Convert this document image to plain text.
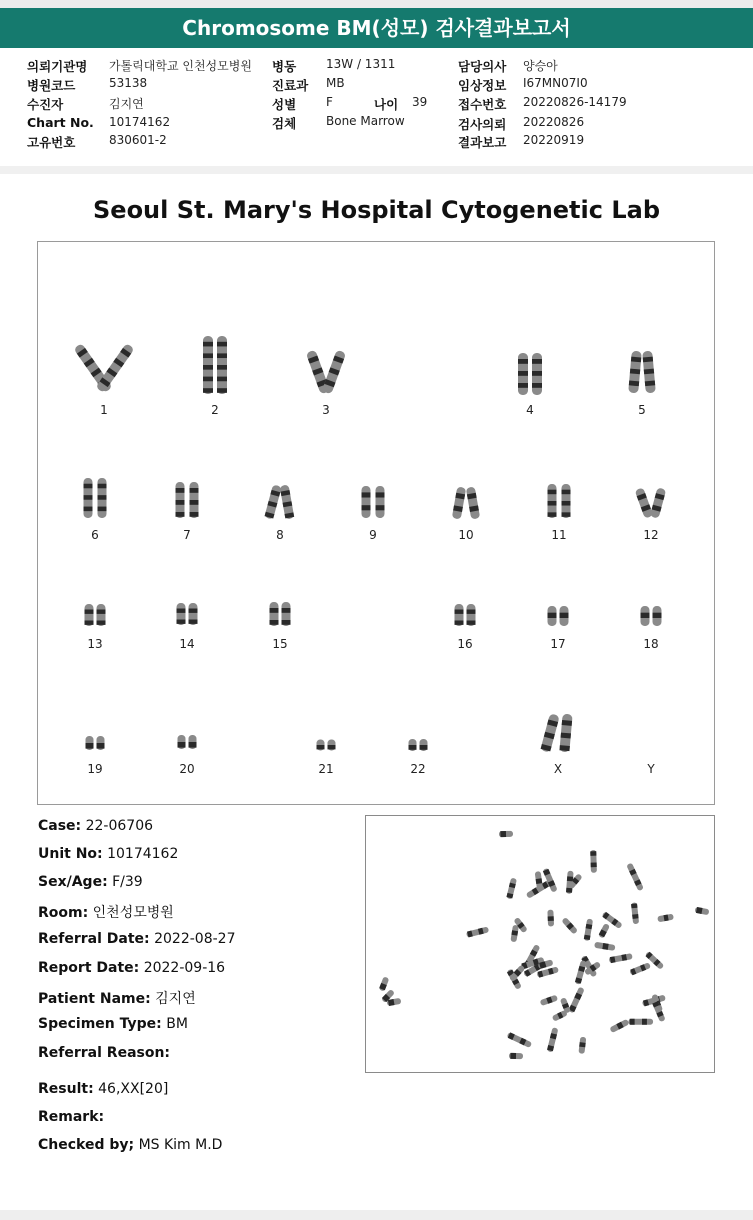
Chromosome BM(성모) 검사결과보고서
의뢰기관명 가톨릭대학교 인천성모병원
병원코드	53138
수진자	김지연
Chart No. 10174162
고유번호	830601-2
병동 13W / 1311
진료과 MB
성별 F	나이 39
검체 Bone Marrow
담당의사 양승아
임상정보 I67MN07I0
접수번호 20220826-14179
검사의뢰 20220826
결과보고 20220919
Seoul St. Mary's Hospital Cytogenetic Lab
1	2	3	4	5
6	7	8	9	10	11	12
13	14	15	16	17	18
19	20	21	22	X	Y
Case: 22-06706
Unit No: 10174162
Sex/Age: F/39
Room: 인천성모병원
Referral Date: 2022-08-27
Report Date: 2022-09-16
Patient Name: 김지연
Specimen Type: BM
Referral Reason:
Result: 46,XX[20]
Remark:
Checked by; MS Kim M.D
